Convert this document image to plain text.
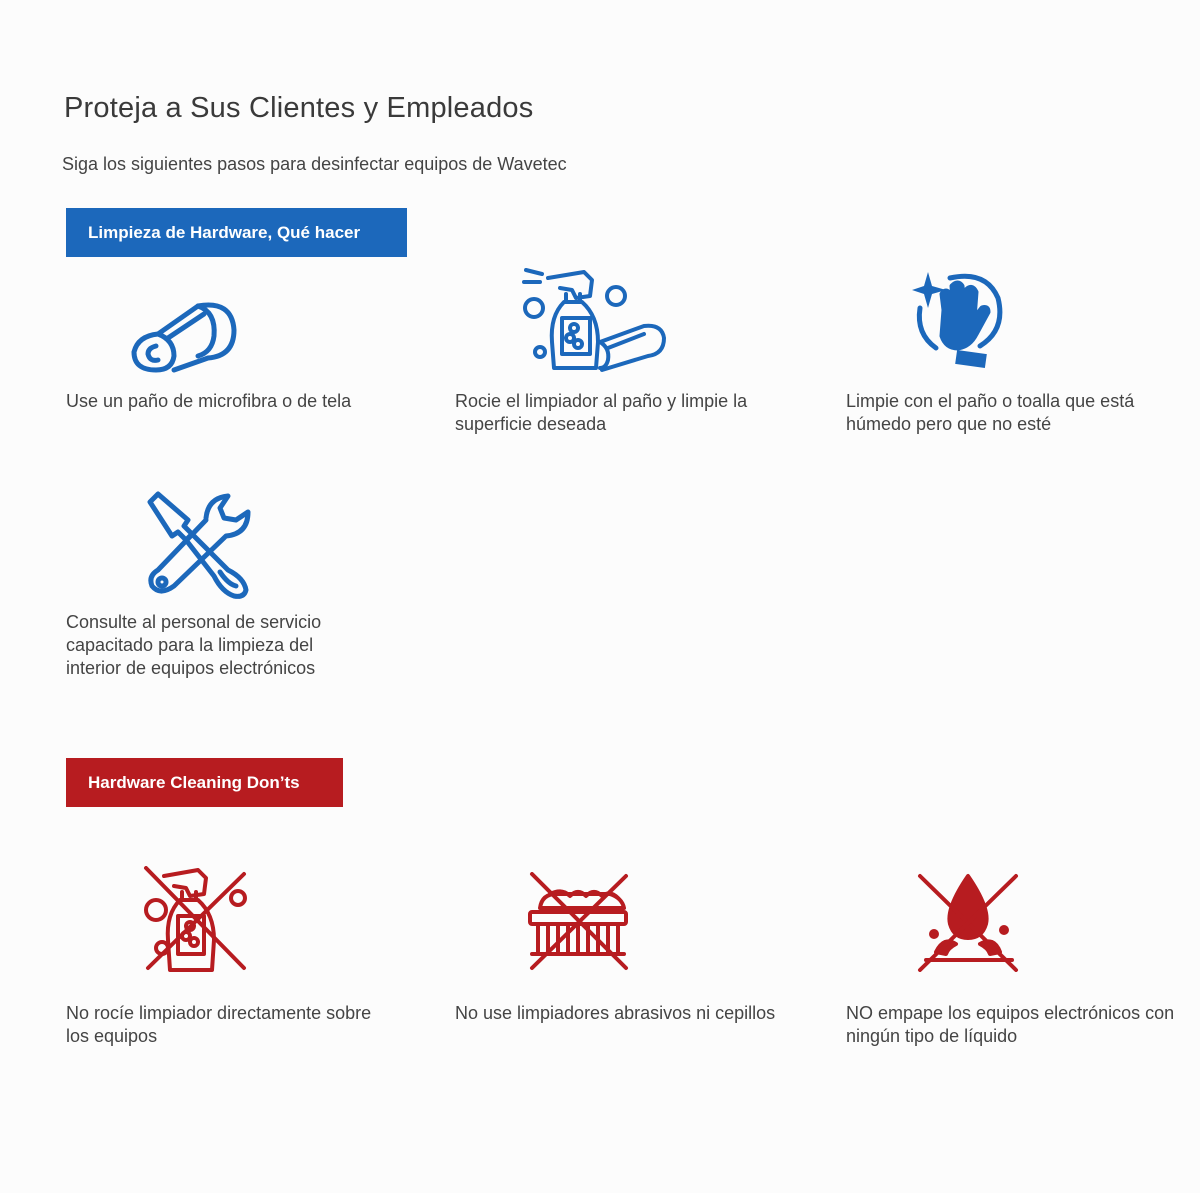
Proteja a Sus Clientes y Empleados

Siga los siguientes pasos para desinfectar equipos de Wavetec

Limpieza de Hardware, Qué hacer

Use un paño de microfibra o de tela	Rocie el limpiador al paño y limpie la superficie deseada

Limpie con el paño o toalla que está húmedo pero que no esté

Consulte al personal de servicio capacitado para la limpieza del interior de equipos electrónicos

Hardware Cleaning Don’ts

No rocíe limpiador directamente sobre los equipos

No use limpiadores abrasivos ni cepillos	NO empape los equipos electrónicos con ningún tipo de líquido
